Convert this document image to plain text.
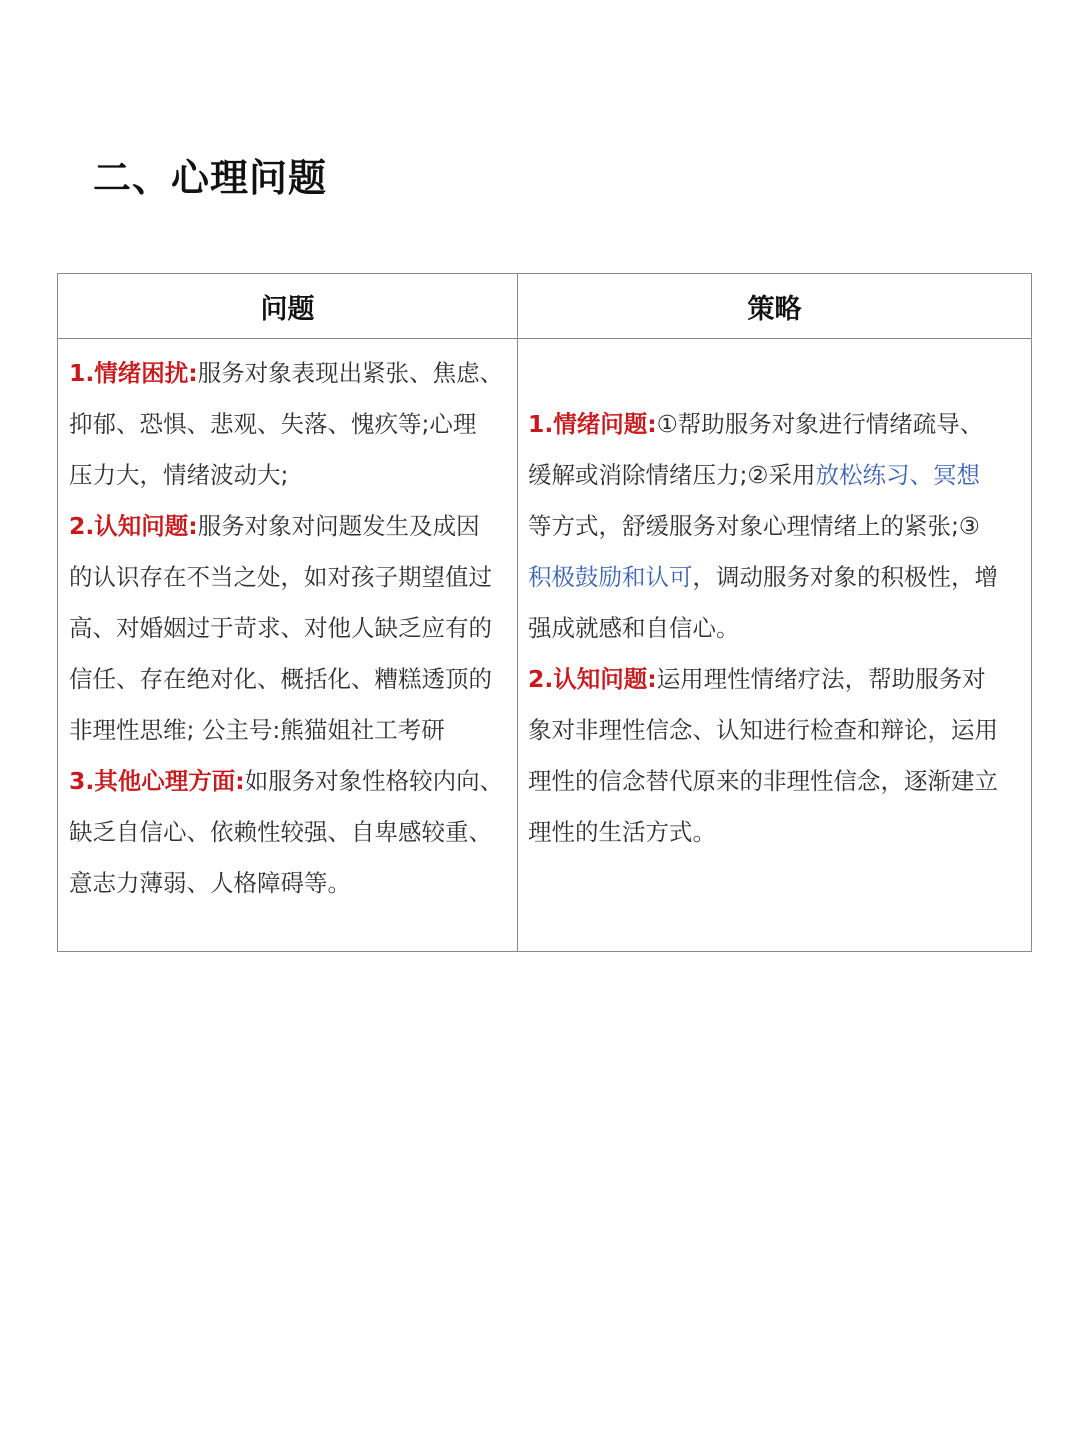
二、心理问题
问题	策略
1.情绪困扰:服务对象表现出紧张、焦虑、
抑郁、恐惧、悲观、失落、愧疚等;心理
压力大，情绪波动大;
2.认知问题:服务对象对问题发生及成因
的认识存在不当之处，如对孩子期望值过
高、对婚姻过于苛求、对他人缺乏应有的
信任、存在绝对化、概括化、糟糕透顶的
非理性思维; 公主号:熊猫姐社工考研
3.其他心理方面:如服务对象性格较内向、
缺乏自信心、依赖性较强、自卑感较重、
意志力薄弱、人格障碍等。
1.情绪问题:①帮助服务对象进行情绪疏导、
缓解或消除情绪压力;②采用放松练习、冥想
等方式，舒缓服务对象心理情绪上的紧张;③
积极鼓励和认可，调动服务对象的积极性，增
强成就感和自信心。
2.认知问题:运用理性情绪疗法，帮助服务对
象对非理性信念、认知进行检查和辩论，运用
理性的信念替代原来的非理性信念，逐渐建立
理性的生活方式。
